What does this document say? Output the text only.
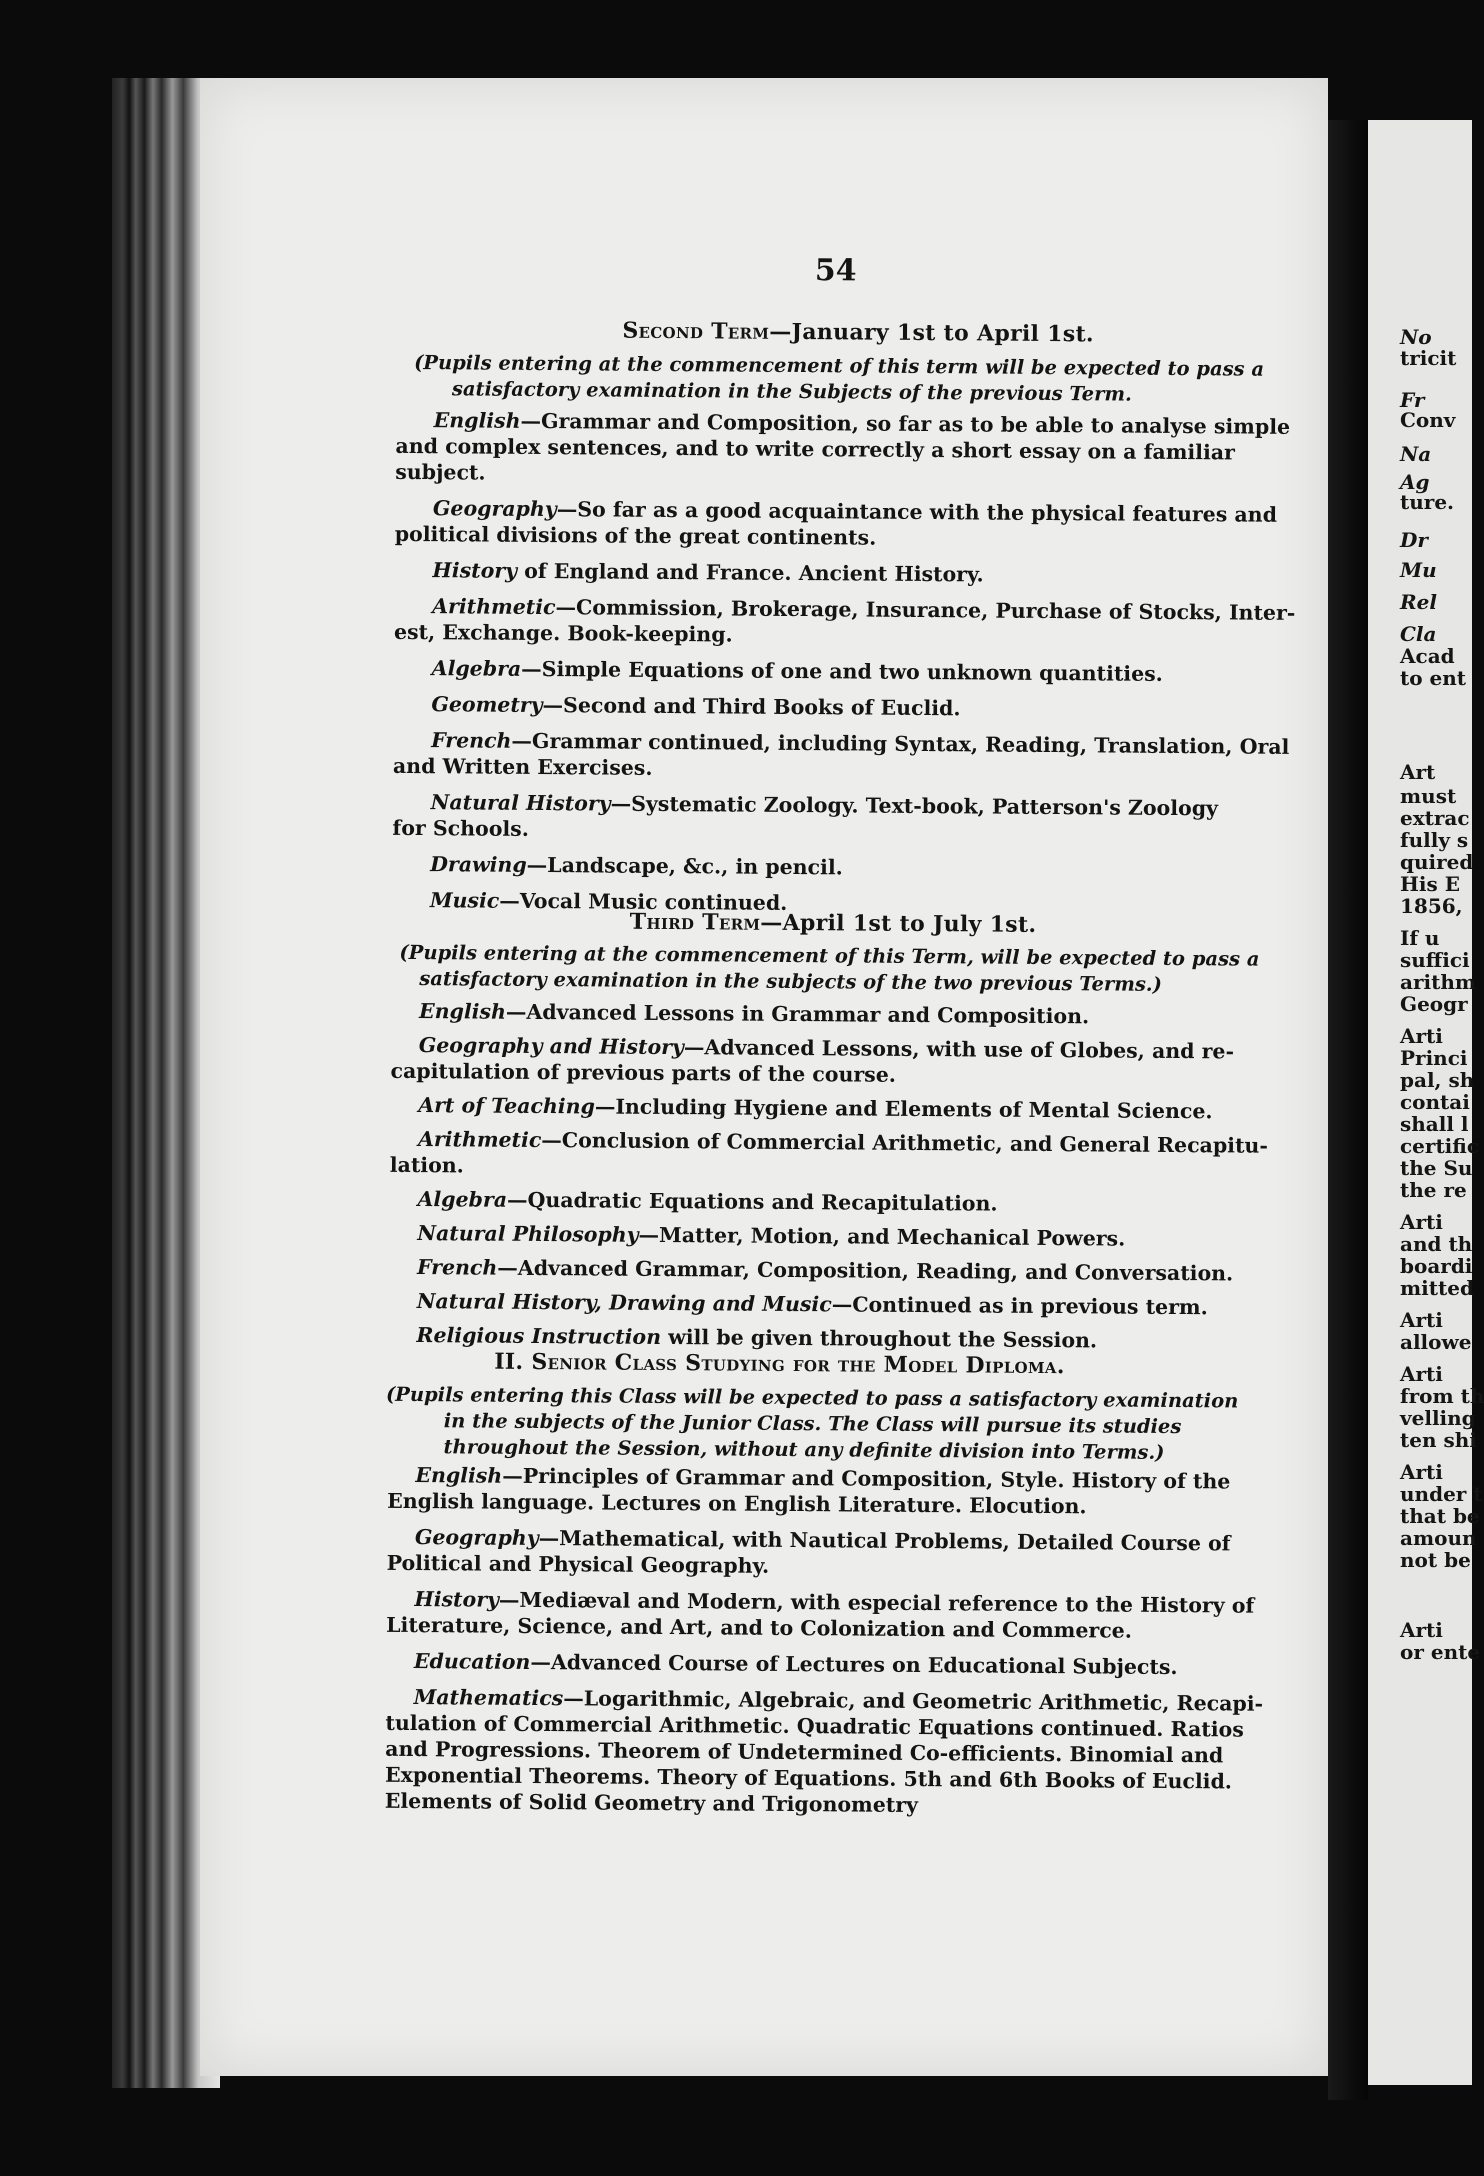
No
tricit
Fr
Conv
Na
Ag
ture.
Dr
Mu
Rel
Cla
Acad
to ent
Art
must
extrac
fully s
quired
His E
1856,
If u
suffici
arithm
Geogr
Arti
Princi
pal, sh
contai
shall l
certific
the Su
the re
Arti
and th
boardi
mitted
Arti
allowe
Arti
from th
velling
ten shi
Arti
under t
that be
amoun
not be
Arti
or ente
54
Second Term—January 1st to April 1st.
(Pupils entering at the commencement of this term will be expected to pass a
satisfactory examination in the Subjects of the previous Term.
English—Grammar and Composition, so far as to be able to analyse simple
and complex sentences, and to write correctly a short essay on a familiar
subject.
Geography—So far as a good acquaintance with the physical features and
political divisions of the great continents.
History of England and France. Ancient History.
Arithmetic—Commission, Brokerage, Insurance, Purchase of Stocks, Inter-
est, Exchange. Book-keeping.
Algebra—Simple Equations of one and two unknown quantities.
Geometry—Second and Third Books of Euclid.
French—Grammar continued, including Syntax, Reading, Translation, Oral
and Written Exercises.
Natural History—Systematic Zoology. Text-book, Patterson's Zoology
for Schools.
Drawing—Landscape, &c., in pencil.
Music—Vocal Music continued.
Third Term—April 1st to July 1st.
(Pupils entering at the commencement of this Term, will be expected to pass a
satisfactory examination in the subjects of the two previous Terms.)
English—Advanced Lessons in Grammar and Composition.
Geography and History—Advanced Lessons, with use of Globes, and re-
capitulation of previous parts of the course.
Art of Teaching—Including Hygiene and Elements of Mental Science.
Arithmetic—Conclusion of Commercial Arithmetic, and General Recapitu-
lation.
Algebra—Quadratic Equations and Recapitulation.
Natural Philosophy—Matter, Motion, and Mechanical Powers.
French—Advanced Grammar, Composition, Reading, and Conversation.
Natural History, Drawing and Music—Continued as in previous term.
Religious Instruction will be given throughout the Session.
II. Senior Class Studying for the Model Diploma.
(Pupils entering this Class will be expected to pass a satisfactory examination
in the subjects of the Junior Class. The Class will pursue its studies
throughout the Session, without any definite division into Terms.)
English—Principles of Grammar and Composition, Style. History of the
English language. Lectures on English Literature. Elocution.
Geography—Mathematical, with Nautical Problems, Detailed Course of
Political and Physical Geography.
History—Mediæval and Modern, with especial reference to the History of
Literature, Science, and Art, and to Colonization and Commerce.
Education—Advanced Course of Lectures on Educational Subjects.
Mathematics—Logarithmic, Algebraic, and Geometric Arithmetic, Recapi-
tulation of Commercial Arithmetic. Quadratic Equations continued. Ratios
and Progressions. Theorem of Undetermined Co-efficients. Binomial and
Exponential Theorems. Theory of Equations. 5th and 6th Books of Euclid.
Elements of Solid Geometry and Trigonometry
